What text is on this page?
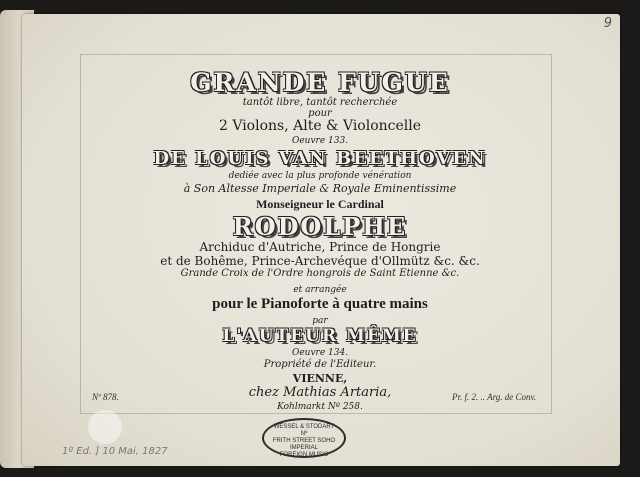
9
GRANDE FUGUE
tantôt libre, tantôt recherchée
pour
2 Violons, Alte & Violoncelle
Oeuvre 133.
DE LOUIS VAN BEETHOVEN
dediée avec la plus profonde vénération
à Son Altesse Imperiale & Royale Eminentissime
Monseigneur le Cardinal
RODOLPHE
Archiduc d'Autriche, Prince de Hongrie
et de Bohême, Prince-Archevéque d'Ollmütz &c. &c.
Grande Croix de l'Ordre hongrois de Saint Etienne &c.
et arrangée
pour le Pianoforte à quatre mains
par
L'AUTEUR MÊME
Oeuvre 134.
Propriété de l'Editeur.
VIENNE,
chez Mathias Artaria,
Kohlmarkt Nº 258.
Nº 878.	Pr. f. 2. .. Arg. de Conv.
WESSEL & STODART
Nº
FRITH STREET SOHO
IMPERIAL
FOREIGN MUSIC
1º Ed. ] 10 Mai, 1827
